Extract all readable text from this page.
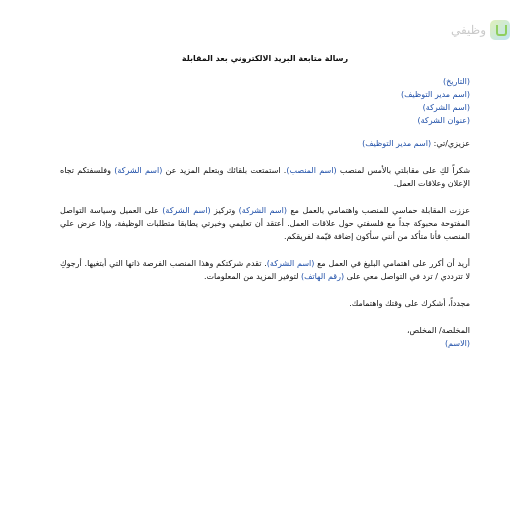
وظيفي
رسالة متابعة البريد الالكتروني بعد المقابلة

(التاريخ)

(اسم مدير التوظيف)

(اسم الشركة)

(عنوان الشركة)

عزيزي/تي: (اسم مدير التوظيف)

شكراً لكِ على مقابلتي بالأمس لمنصب (اسم المنصب). استمتعت بلقائك وبتعلم المزيد عن (اسم الشركة) وفلسفتكم تجاه الإعلان وعلاقات العمل.

عززت المقابلة حماسي للمنصب واهتمامي بالعمل مع (اسم الشركة) وتركيز (اسم الشركة) على العميل وسياسة التواصل المفتوحة محبوكة جداً مع فلسفتي حول علاقات العمل. أعتقد أن تعليمي وخبرتي يطابقا متطلبات الوظيفة، وإذا عرض علي المنصب فأنا متأكد من أنني سأكون إضافة قيّمة لفريقكم.

أريد أن أكرر على اهتمامي البليغ في العمل مع (اسم الشركة). تقدم شركتكم وهذا المنصب الفرصة ذاتها التي أبتغيها. أرجوكِ لا تترددي / ترد في التواصل معي على (رقم الهاتف) لتوفير المزيد من المعلومات.

مجدداً، أشكرك على وقتك واهتمامك.

المخلصة/ المخلص،

(الاسم)
